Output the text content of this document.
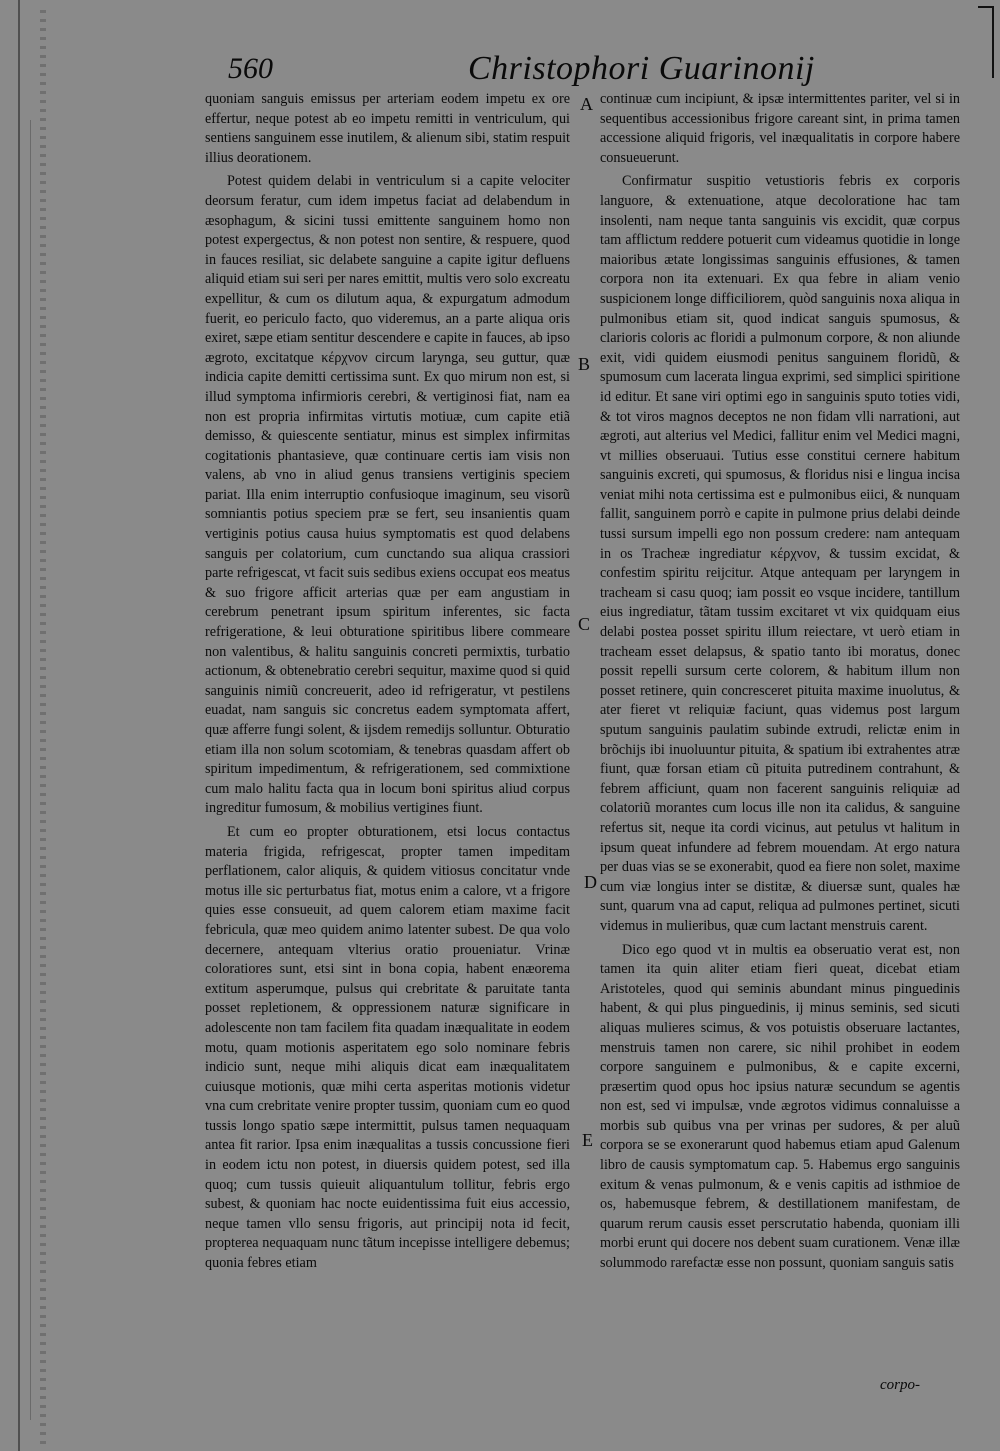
560	Christophori Guarinonij

quoniam sanguis emissus per arteriam eodem impetu ex ore effertur, neque potest ab eo impetu remitti in ventriculum, qui sentiens sanguinem esse inutilem, & alienum sibi, statim respuit illius deorationem.

Potest quidem delabi in ventriculum si a capite velociter deorsum feratur, cum idem impetus faciat ad delabendum in æsophagum, & sicini tussi emittente sanguinem homo non potest expergectus, & non potest non sentire, & respuere, quod in fauces resiliat, sic delabete sanguine a capite igitur defluens aliquid etiam sui seri per nares emittit, multis vero solo excreatu expellitur, & cum os dilutum aqua, & expurgatum admodum fuerit, eo periculo facto, quo videremus, an a parte aliqua oris exiret, sæpe etiam sentitur descendere e capite in fauces, ab ipso ægroto, excitatque κέρχνον circum larynga, seu guttur, quæ indicia capite demitti certissima sunt. Ex quo mirum non est, si illud symptoma infirmioris cerebri, & vertiginosi fiat, nam ea non est propria infirmitas virtutis motiuæ, cum capite etiã demisso, & quiescente sentiatur, minus est simplex infirmitas cogitationis phantasieve, quæ continuare certis iam visis non valens, ab vno in aliud genus transiens vertiginis speciem pariat. Illa enim interruptio confusioque imaginum, seu visorũ somniantis potius speciem præ se fert, seu insanientis quam vertiginis potius causa huius symptomatis est quod delabens sanguis per colatorium, cum cunctando sua aliqua crassiori parte refrigescat, vt facit suis sedibus exiens occupat eos meatus & suo frigore afficit arterias quæ per eam angustiam in cerebrum penetrant ipsum spiritum inferentes, sic facta refrigeratione, & leui obturatione spiritibus libere commeare non valentibus, & halitu sanguinis concreti permixtis, turbatio actionum, & obtenebratio cerebri sequitur, maxime quod si quid sanguinis nimiũ concreuerit, adeo id refrigeratur, vt pestilens euadat, nam sanguis sic concretus eadem symptomata affert, quæ afferre fungi solent, & ijsdem remedijs solluntur. Obturatio etiam illa non solum scotomiam, & tenebras quasdam affert ob spiritum impedimentum, & refrigerationem, sed commixtione cum malo halitu facta qua in locum boni spiritus aliud corpus ingreditur fumosum, & mobilius vertigines fiunt.

Et cum eo propter obturationem, etsi locus contactus materia frigida, refrigescat, propter tamen impeditam perflationem, calor aliquis, & quidem vitiosus concitatur vnde motus ille sic perturbatus fiat, motus enim a calore, vt a frigore quies esse consueuit, ad quem calorem etiam maxime facit febricula, quæ meo quidem animo latenter subest. De qua volo decernere, antequam vlterius oratio proueniatur. Vrinæ coloratiores sunt, etsi sint in bona copia, habent enæorema extitum asperumque, pulsus qui crebritate & paruitate tanta posset repletionem, & oppressionem naturæ significare in adolescente non tam facilem fita quadam inæqualitate in eodem motu, quam motionis asperitatem ego solo nominare febris indicio sunt, neque mihi aliquis dicat eam inæqualitatem cuiusque motionis, quæ mihi certa asperitas motionis videtur vna cum crebritate venire propter tussim, quoniam cum eo quod tussis longo spatio sæpe intermittit, pulsus tamen nequaquam antea fit rarior. Ipsa enim inæqualitas a tussis concussione fieri in eodem ictu non potest, in diuersis quidem potest, sed illa quoq; cum tussis quieuit aliquantulum tollitur, febris ergo subest, & quoniam hac nocte euidentissima fuit eius accessio, neque tamen vllo sensu frigoris, aut principij nota id fecit, propterea nequaquam nunc tãtum incepisse intelligere debemus; quonia febres etiam

A
B
C
D
E

continuæ cum incipiunt, & ipsæ intermittentes pariter, vel si in sequentibus accessionibus frigore careant sint, in prima tamen accessione aliquid frigoris, vel inæqualitatis in corpore habere consueuerunt.

Confirmatur suspitio vetustioris febris ex corporis languore, & extenuatione, atque decoloratione hac tam insolenti, nam neque tanta sanguinis vis excidit, quæ corpus tam afflictum reddere potuerit cum videamus quotidie in longe maioribus ætate longissimas sanguinis effusiones, & tamen corpora non ita extenuari. Ex qua febre in aliam venio suspicionem longe difficiliorem, quòd sanguinis noxa aliqua in pulmonibus etiam sit, quod indicat sanguis spumosus, & clarioris coloris ac floridi a pulmonum corpore, & non aliunde exit, vidi quidem eiusmodi penitus sanguinem floridũ, & spumosum cum lacerata lingua exprimi, sed simplici spiritione id editur. Et sane viri optimi ego in sanguinis sputo toties vidi, & tot viros magnos deceptos ne non fidam vlli narrationi, aut ægroti, aut alterius vel Medici, fallitur enim vel Medici magni, vt millies obseruaui. Tutius esse constitui cernere habitum sanguinis excreti, qui spumosus, & floridus nisi e lingua incisa veniat mihi nota certissima est e pulmonibus eiici, & nunquam fallit, sanguinem porrò e capite in pulmone prius delabi deinde tussi sursum impelli ego non possum credere: nam antequam in os Tracheæ ingrediatur κέρχνον, & tussim excidat, & confestim spiritu reijcitur. Atque antequam per laryngem in tracheam si casu quoq; iam possit eo vsque incidere, tantillum eius ingrediatur, tãtam tussim excitaret vt vix quidquam eius delabi postea posset spiritu illum reiectare, vt uerò etiam in tracheam esset delapsus, & spatio tanto ibi moratus, donec possit repelli sursum certe colorem, & habitum illum non posset retinere, quin concresceret pituita maxime inuolutus, & ater fieret vt reliquiæ faciunt, quas videmus post largum sputum sanguinis paulatim subinde extrudi, relictæ enim in brõchijs ibi inuoluuntur pituita, & spatium ibi extrahentes atræ fiunt, quæ forsan etiam cũ pituita putredinem contrahunt, & febrem afficiunt, quam non facerent sanguinis reliquiæ ad colatoriũ morantes cum locus ille non ita calidus, & sanguine refertus sit, neque ita cordi vicinus, aut petulus vt halitum in ipsum queat infundere ad febrem mouendam. At ergo natura per duas vias se se exonerabit, quod ea fiere non solet, maxime cum viæ longius inter se distitæ, & diuersæ sunt, quales hæ sunt, quarum vna ad caput, reliqua ad pulmones pertinet, sicuti videmus in mulieribus, quæ cum lactant menstruis carent.

Dico ego quod vt in multis ea obseruatio verat est, non tamen ita quin aliter etiam fieri queat, dicebat etiam Aristoteles, quod qui seminis abundant minus pinguedinis habent, & qui plus pinguedinis, ij minus seminis, sed sicuti aliquas mulieres scimus, & vos potuistis obseruare lactantes, menstruis tamen non carere, sic nihil prohibet in eodem corpore sanguinem e pulmonibus, & e capite excerni, præsertim quod opus hoc ipsius naturæ secundum se agentis non est, sed vi impulsæ, vnde ægrotos vidimus connaluisse a morbis sub quibus vna per vrinas per sudores, & per aluũ corpora se se exonerarunt quod habemus etiam apud Galenum libro de causis symptomatum cap. 5. Habemus ergo sanguinis exitum & venas pulmonum, & e venis capitis ad isthmioe de os, habemusque febrem, & destillationem manifestam, de quarum rerum causis esset perscrutatio habenda, quoniam illi morbi erunt qui docere nos debent suam curationem. Venæ illæ solummodo rarefactæ esse non possunt, quoniam sanguis satis

corpo-
